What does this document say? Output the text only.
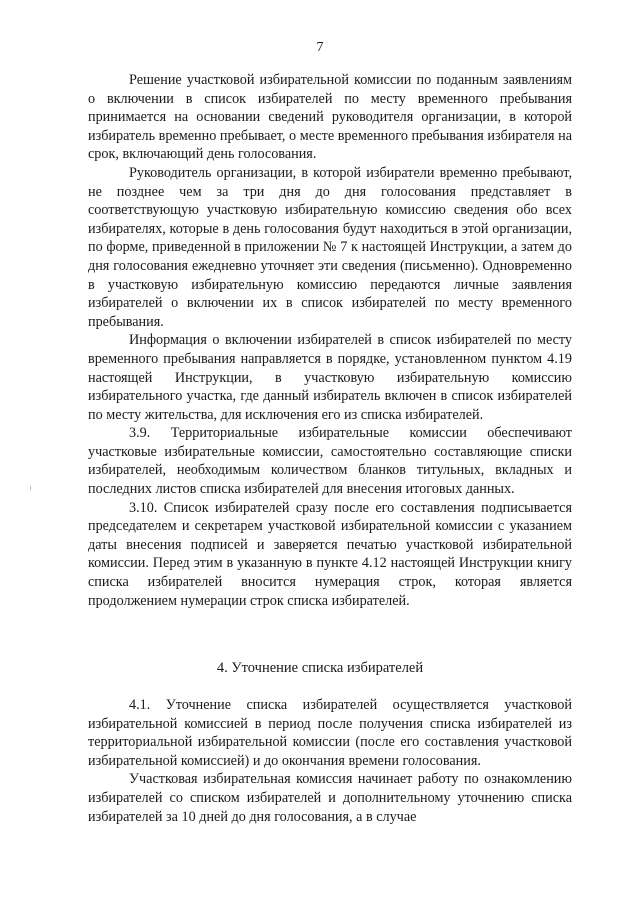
7

Решение участковой избирательной комиссии по поданным заявлениям о включении в список избирателей по месту временного пребывания принимается на основании сведений руководителя организации, в которой избиратель временно пребывает, о месте временного пребывания избирателя на срок, включающий день голосования.

Руководитель организации, в которой избиратели временно пребывают, не позднее чем за три дня до дня голосования представляет в соответствующую участковую избирательную комиссию сведения обо всех избирателях, которые в день голосования будут находиться в этой организации, по форме, приведенной в приложении № 7 к настоящей Инструкции, а затем до дня голосования ежедневно уточняет эти сведения (письменно). Одновременно в участковую избирательную комиссию передаются личные заявления избирателей о включении их в список избирателей по месту временного пребывания.

Информация о включении избирателей в список избирателей по месту временного пребывания направляется в порядке, установленном пунктом 4.19 настоящей Инструкции, в участковую избирательную комиссию избирательного участка, где данный избиратель включен в список избирателей по месту жительства, для исключения его из списка избирателей.

3.9. Территориальные избирательные комиссии обеспечивают участковые избирательные комиссии, самостоятельно составляющие списки избирателей, необходимым количеством бланков титульных, вкладных и последних листов списка избирателей для внесения итоговых данных.

3.10. Список избирателей сразу после его составления подписывается председателем и секретарем участковой избирательной комиссии с указанием даты внесения подписей и заверяется печатью участковой избирательной комиссии. Перед этим в указанную в пункте 4.12 настоящей Инструкции книгу списка избирателей вносится нумерация строк, которая является продолжением нумерации строк списка избирателей.

4. Уточнение списка избирателей

4.1. Уточнение списка избирателей осуществляется участковой избирательной комиссией в период после получения списка избирателей из территориальной избирательной комиссии (после его составления участковой избирательной комиссией) и до окончания времени голосования.

Участковая избирательная комиссия начинает работу по ознакомлению избирателей со списком избирателей и дополнительному уточнению списка избирателей за 10 дней до дня голосования, а в случае
